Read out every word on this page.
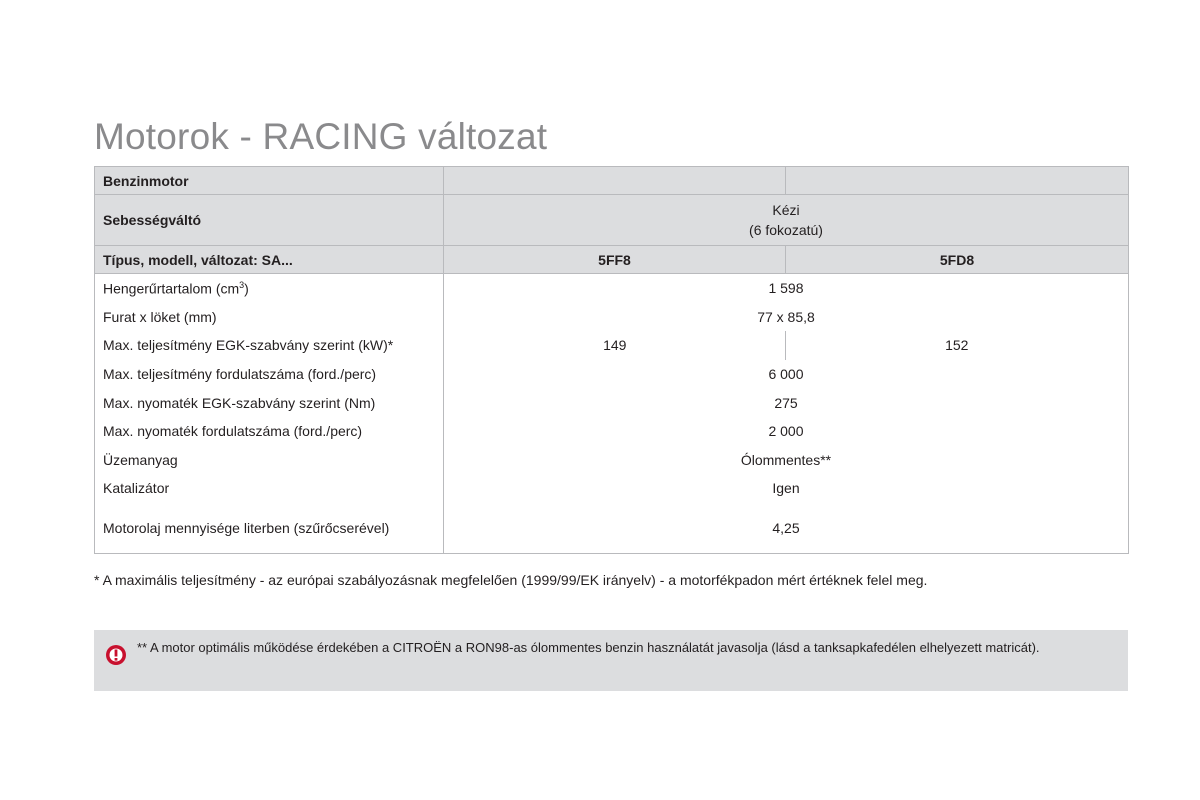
Motorok - RACING változat
Benzinmotor		
Sebességváltó	Kézi
(6 fokozatú)	

Típus, modell, változat: SA...	5FF8	5FD8
Hengerűrtartalom $(cm^3)$	1 598	
Furat x löket (mm)	77 x 85,8	
Max. teljesítmény EGK-szabvány szerint (kW)*	149	152
Max. teljesítmény fordulatszáma (ford./perc)	6 000	
Max. nyomaték EGK-szabvány szerint (Nm)	275	
Max. nyomaték fordulatszáma (ford./perc)	2 000	
Üzemanyag	Ólommentes**	
Katalizátor	Igen	
Motorolaj mennyisége literben (szűrőcserével)	4,25	
* A maximális teljesítmény - az európai szabályozásnak megfelelően (1999/99/EK irányelv) - a motorfékpadon mért értéknek felel meg.
** A motor optimális működése érdekében a CITROËN a RON98-as ólommentes benzin használatát javasolja (lásd a tanksapkafedélen elhelyezett matricát).
